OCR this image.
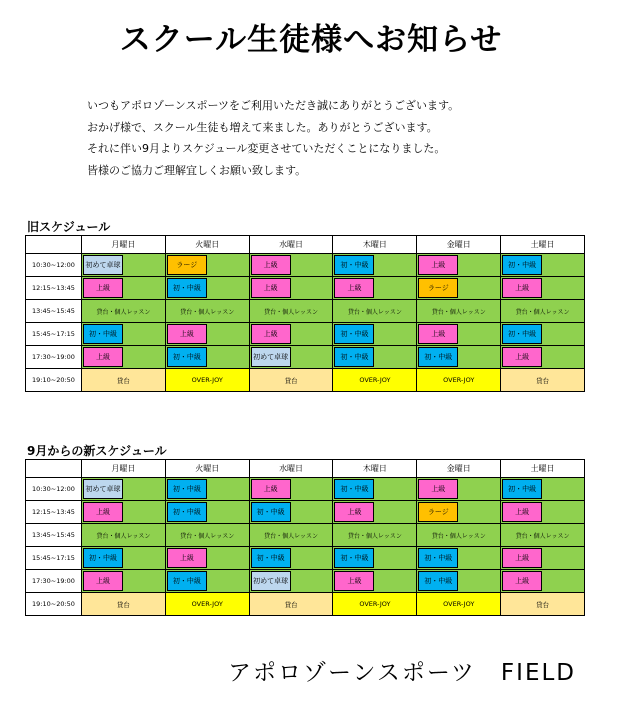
スクール生徒様へお知らせ
いつもアポロゾーンスポーツをご利用いただき誠にありがとうございます。
おかげ様で、スクール生徒も増えて来ました。ありがとうございます。
それに伴い9月よりスケジュール変更させていただくことになりました。
皆様のご協力ご理解宜しくお願い致します。
旧スケジュール
	月曜日	火曜日	水曜日	木曜日	金曜日	土曜日
10:30~12:00	初めて卓球	ラージ	上級	初・中級	上級	初・中級

12:15~13:45	上級	初・中級	上級	上級	ラージ	上級

13:45~15:45	貸台・個人レッスン	貸台・個人レッスン	貸台・個人レッスン	貸台・個人レッスン	貸台・個人レッスン	貸台・個人レッスン
15:45~17:15	初・中級	上級	上級	初・中級	上級	初・中級

17:30~19:00	上級	初・中級	初めて卓球	初・中級	初・中級	上級

19:10~20:50	貸台	OVER-JOY	貸台	OVER-JOY	OVER-JOY	貸台
9月からの新スケジュール
	月曜日	火曜日	水曜日	木曜日	金曜日	土曜日
10:30~12:00	初めて卓球	初・中級	上級	初・中級	上級	初・中級

12:15~13:45	上級	初・中級	初・中級	上級	ラージ	上級

13:45~15:45	貸台・個人レッスン	貸台・個人レッスン	貸台・個人レッスン	貸台・個人レッスン	貸台・個人レッスン	貸台・個人レッスン
15:45~17:15	初・中級	上級	初・中級	初・中級	初・中級	上級

17:30~19:00	上級	初・中級	初めて卓球	上級	初・中級	上級

19:10~20:50	貸台	OVER-JOY	貸台	OVER-JOY	OVER-JOY	貸台
アポロゾーンスポーツ　FIELD
